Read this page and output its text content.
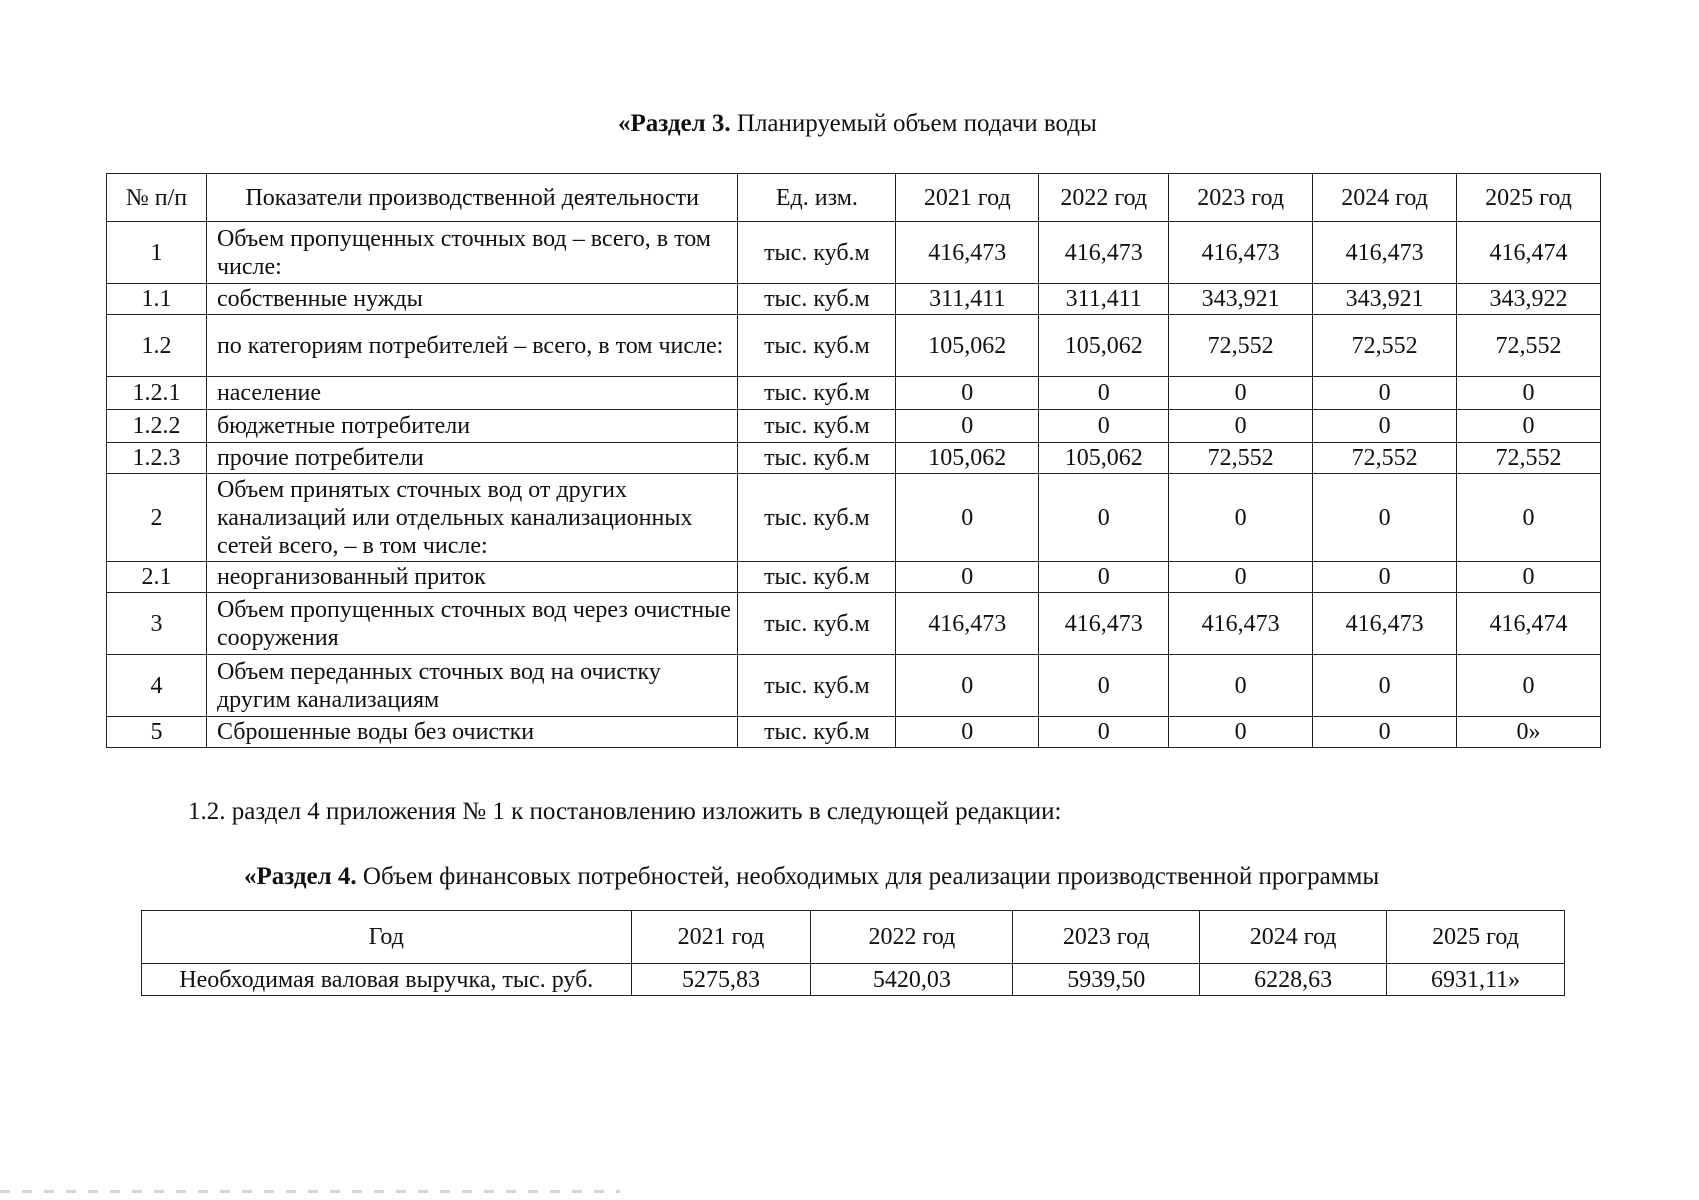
«Раздел 3. Планируемый объем подачи воды
№ п/п	Показатели производственной деятельности	Ед. изм.	2021 год	2022 год	2023 год	2024 год	2025 год
1	Объем пропущенных сточных вод – всего, в том числе:	тыс. куб.м	416,473	416,473	416,473	416,473	416,474
1.1	собственные нужды	тыс. куб.м	311,411	311,411	343,921	343,921	343,922
1.2	по категориям потребителей – всего, в том числе:	тыс. куб.м	105,062	105,062	72,552	72,552	72,552
1.2.1	население	тыс. куб.м	0	0	0	0	0
1.2.2	бюджетные потребители	тыс. куб.м	0	0	0	0	0
1.2.3	прочие потребители	тыс. куб.м	105,062	105,062	72,552	72,552	72,552
2	Объем принятых сточных вод от других канализаций или отдельных канализационных сетей всего, – в том числе:	тыс. куб.м	0	0	0	0	0
2.1	неорганизованный приток	тыс. куб.м	0	0	0	0	0
3	Объем пропущенных сточных вод через очистные сооружения	тыс. куб.м	416,473	416,473	416,473	416,473	416,474
4	Объем переданных сточных вод на очистку другим канализациям	тыс. куб.м	0	0	0	0	0
5	Сброшенные воды без очистки	тыс. куб.м	0	0	0	0	0»
1.2. раздел 4 приложения № 1 к постановлению изложить в следующей редакции:
«Раздел 4. Объем финансовых потребностей, необходимых для реализации производственной программы
Год	2021 год	2022 год	2023 год	2024 год	2025 год
Необходимая валовая выручка, тыс. руб.	5275,83	5420,03	5939,50	6228,63	6931,11»
